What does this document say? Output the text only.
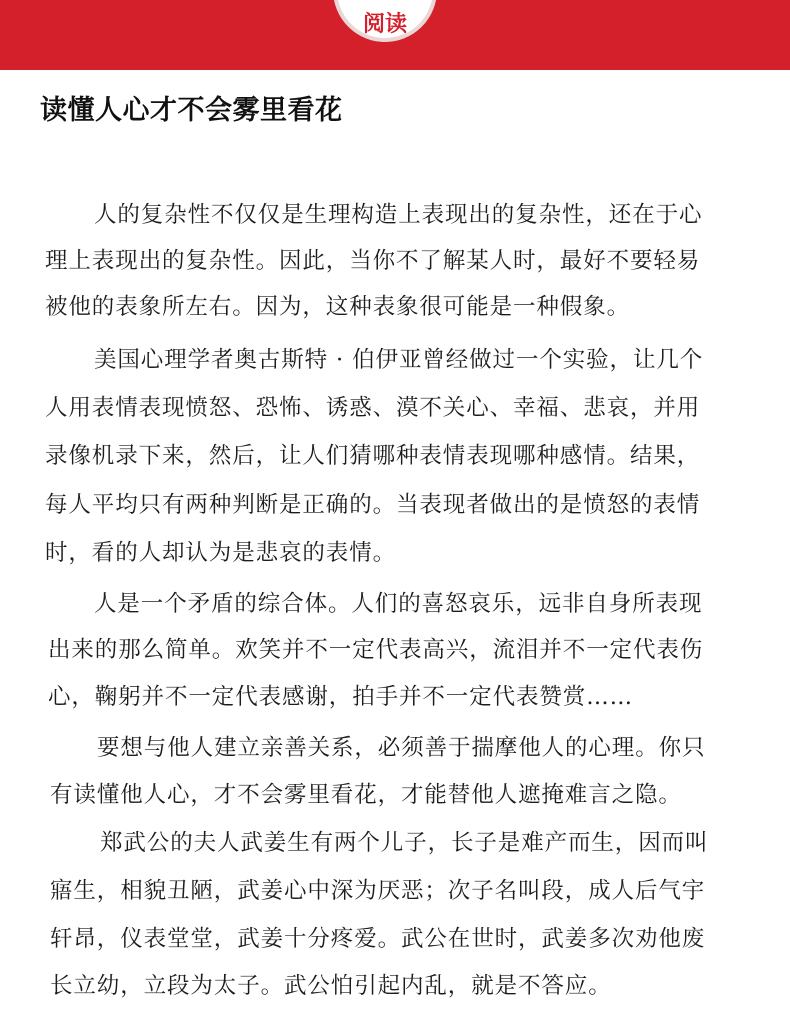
阅读
读懂人心才不会雾里看花
人的复杂性不仅仅是生理构造上表现出的复杂性，还在于心
理上表现出的复杂性。因此，当你不了解某人时，最好不要轻易
被他的表象所左右。因为，这种表象很可能是一种假象。
美国心理学者奥古斯特 · 伯伊亚曾经做过一个实验，让几个
人用表情表现愤怒、恐怖、诱惑、漠不关心、幸福、悲哀，并用
录像机录下来，然后，让人们猜哪种表情表现哪种感情。结果，
每人平均只有两种判断是正确的。当表现者做出的是愤怒的表情
时，看的人却认为是悲哀的表情。
人是一个矛盾的综合体。人们的喜怒哀乐，远非自身所表现
出来的那么简单。欢笑并不一定代表高兴，流泪并不一定代表伤
心，鞠躬并不一定代表感谢，拍手并不一定代表赞赏……
要想与他人建立亲善关系，必须善于揣摩他人的心理。你只
有读懂他人心，才不会雾里看花，才能替他人遮掩难言之隐。
郑武公的夫人武姜生有两个儿子，长子是难产而生，因而叫
寤生，相貌丑陋，武姜心中深为厌恶；次子名叫段，成人后气宇
轩昂，仪表堂堂，武姜十分疼爱。武公在世时，武姜多次劝他废
长立幼，立段为太子。武公怕引起内乱，就是不答应。
